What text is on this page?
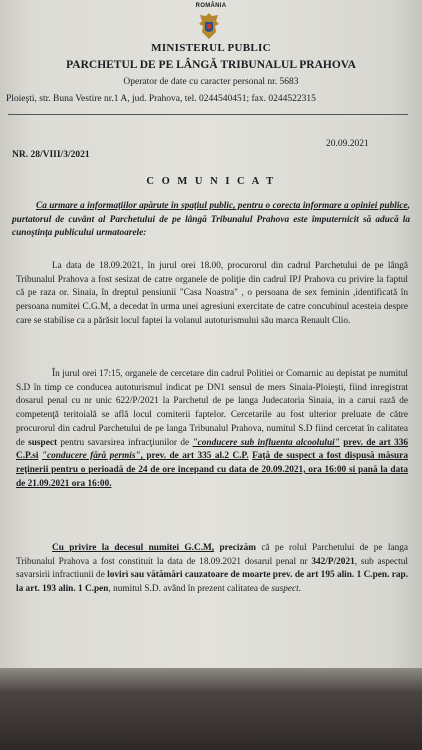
ROMÂNIA
MINISTERUL PUBLIC
PARCHETUL DE PE LÂNGĂ TRIBUNALUL PRAHOVA
Operator de date cu caracter personal nr. 5683
Ploieşti, str. Buna Vestire nr.1 A, jud. Prahova, tel. 0244540451; fax. 0244522315
NR. 28/VIII/3/2021
20.09.2021
C O M U N I C A T
Ca urmare a informaţiilor apărute în spaţiul public, pentru o corecta informare a opiniei publice, purtatorul de cuvânt al Parchetului de pe lângă Tribunalul Prahova este împuternicit să aducă la cunoştinţa publicului urmatoarele:
La data de 18.09.2021, în jurul orei 18.00, procurorul din cadrul Parchetului de pe lângă Tribunalul Prahova a fost sesizat de catre organele de poliţie din cadrul IPJ Prahova cu privire la faptul că pe raza or. Sinaia, în dreptul pensiunii "Casa Noastra" , o persoana de sex feminin ,identificată în persoana numitei C.G.M, a decedat în urma unei agresiuni exercitate de catre concubinul acesteia despre care se stabilise ca a părăsit locul faptei la volanul autoturismului său marca Renault Clio.
În jurul orei 17:15, organele de cercetare din cadrul Politiei or Comarnic au depistat pe numitul S.D în timp ce conducea autoturismul indicat pe DN1 sensul de mers Sinaia-Ploieşti, fiind inregistrat dosarul penal cu nr unic 622/P/2021 la Parchetul de pe langa Judecatoria Sinaia, in a carui rază de competenţă teritoială se află locul comiterii faptelor. Cercetarile au fost ulterior preluate de către procurorul din cadrul Parchetului de pe langa Tribunalul Prahova, numitul S.D fiind cercetat în calitatea de suspect pentru savarsirea infracţiunilor de "conducere sub influenta alcoolului" prev. de art 336 C.P.si "conducere fără permis", prev. de art 335 al.2 C.P. Faţă de suspect a fost dispusă măsura reţinerii pentru o perioadă de 24 de ore incepand cu data de 20.09.2021, ora 16:00 si pană la data de 21.09.2021 ora 16:00.
Cu privire la decesul numitei G.C.M, precizăm că pe rolul Parchetului de pe langa Tribunalul Prahova a fost constituit la data de 18.09.2021 dosarul penal nr 342/P/2021, sub aspectul savarsirii infractiunii de lovirì sau vătămări cauzatoare de moarte prev. de art 195 alin. 1 C.pen. rap. la art. 193 alin. 1 C.pen, numitul S.D. având în prezent calitatea de suspect.
